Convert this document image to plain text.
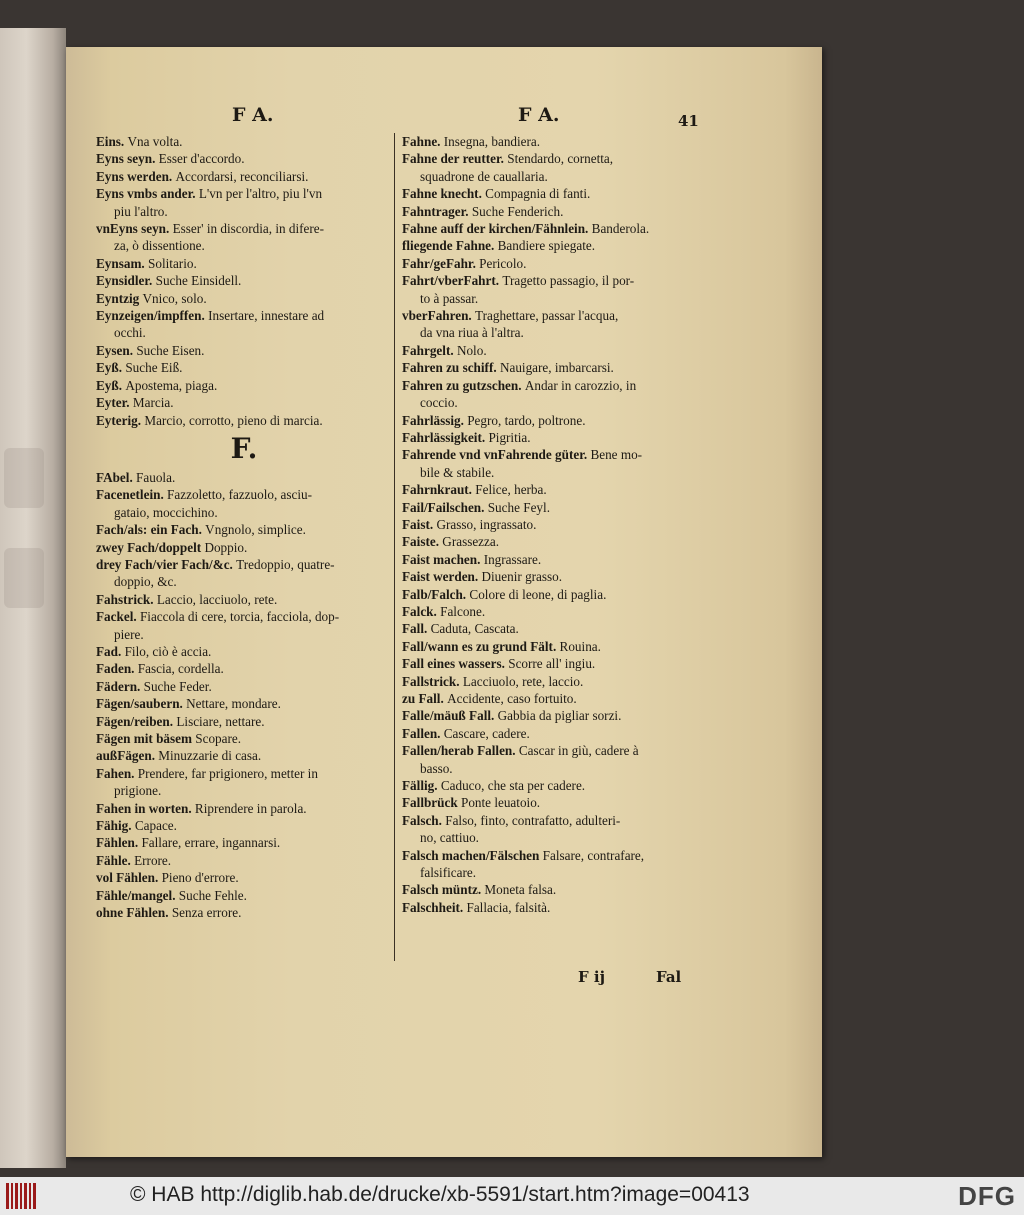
F A.	F A.	41
Eins. Vna volta.
Eyns seyn. Esser d'accordo.
Eyns werden. Accordarsi, reconciliarsi.
Eyns vmbs ander. L'vn per l'altro, piu l'vn
piu l'altro.
vnEyns seyn. Esser' in discordia, in difere-
za, ò dissentione.
Eynsam. Solitario.
Eynsidler. Suche Einsidell.
Eyntzig Vnico, solo.
Eynzeigen/impffen. Insertare, innestare ad
occhi.
Eysen. Suche Eisen.
Eyß. Suche Eiß.
Eyß. Apostema, piaga.
Eyter. Marcia.
Eyterig. Marcio, corrotto, pieno di marcia.
F.
FAbel. Fauola.
Facenetlein. Fazzoletto, fazzuolo, asciu-
gataio, moccichino.
Fach/als: ein Fach. Vngnolo, simplice.
zwey Fach/doppelt Doppio.
drey Fach/vier Fach/&c. Tredoppio, quatre-
doppio, &c.
Fahstrick. Laccio, lacciuolo, rete.
Fackel. Fiaccola di cere, torcia, facciola, dop-
piere.
Fad. Filo, ciò è accia.
Faden. Fascia, cordella.
Fädern. Suche Feder.
Fägen/saubern. Nettare, mondare.
Fägen/reiben. Lisciare, nettare.
Fägen mit bäsem Scopare.
außFägen. Minuzzarie di casa.
Fahen. Prendere, far prigionero, metter in
prigione.
Fahen in worten. Riprendere in parola.
Fähig. Capace.
Fählen. Fallare, errare, ingannarsi.
Fähle. Errore.
vol Fählen. Pieno d'errore.
Fähle/mangel. Suche Fehle.
ohne Fählen. Senza errore.
Fahne. Insegna, bandiera.
Fahne der reutter. Stendardo, cornetta,
squadrone de cauallaria.
Fahne knecht. Compagnia di fanti.
Fahntrager. Suche Fenderich.
Fahne auff der kirchen/Fähnlein. Banderola.
fliegende Fahne. Bandiere spiegate.
Fahr/geFahr. Pericolo.
Fahrt/vberFahrt. Tragetto passagio, il por-
to à passar.
vberFahren. Traghettare, passar l'acqua,
da vna riua à l'altra.
Fahrgelt. Nolo.
Fahren zu schiff. Nauigare, imbarcarsi.
Fahren zu gutzschen. Andar in carozzio, in
coccio.
Fahrlässig. Pegro, tardo, poltrone.
Fahrlässigkeit. Pigritia.
Fahrende vnd vnFahrende güter. Bene mo-
bile & stabile.
Fahrnkraut. Felice, herba.
Fail/Failschen. Suche Feyl.
Faist. Grasso, ingrassato.
Faiste. Grassezza.
Faist machen. Ingrassare.
Faist werden. Diuenir grasso.
Falb/Falch. Colore di leone, di paglia.
Falck. Falcone.
Fall. Caduta, Cascata.
Fall/wann es zu grund Fält. Rouina.
Fall eines wassers. Scorre all' ingiu.
Fallstrick. Lacciuolo, rete, laccio.
zu Fall. Accidente, caso fortuito.
Falle/mäuß Fall. Gabbia da pigliar sorzi.
Fallen. Cascare, cadere.
Fallen/herab Fallen. Cascar in giù, cadere à
basso.
Fällig. Caduco, che sta per cadere.
Fallbrück Ponte leuatoio.
Falsch. Falso, finto, contrafatto, adulteri-
no, cattiuo.
Falsch machen/Fälschen Falsare, contrafare,
falsificare.
Falsch müntz. Moneta falsa.
Falschheit. Fallacia, falsità.
F ij	Fal
© HAB http://diglib.hab.de/drucke/xb-5591/start.htm?image=00413	DFG
